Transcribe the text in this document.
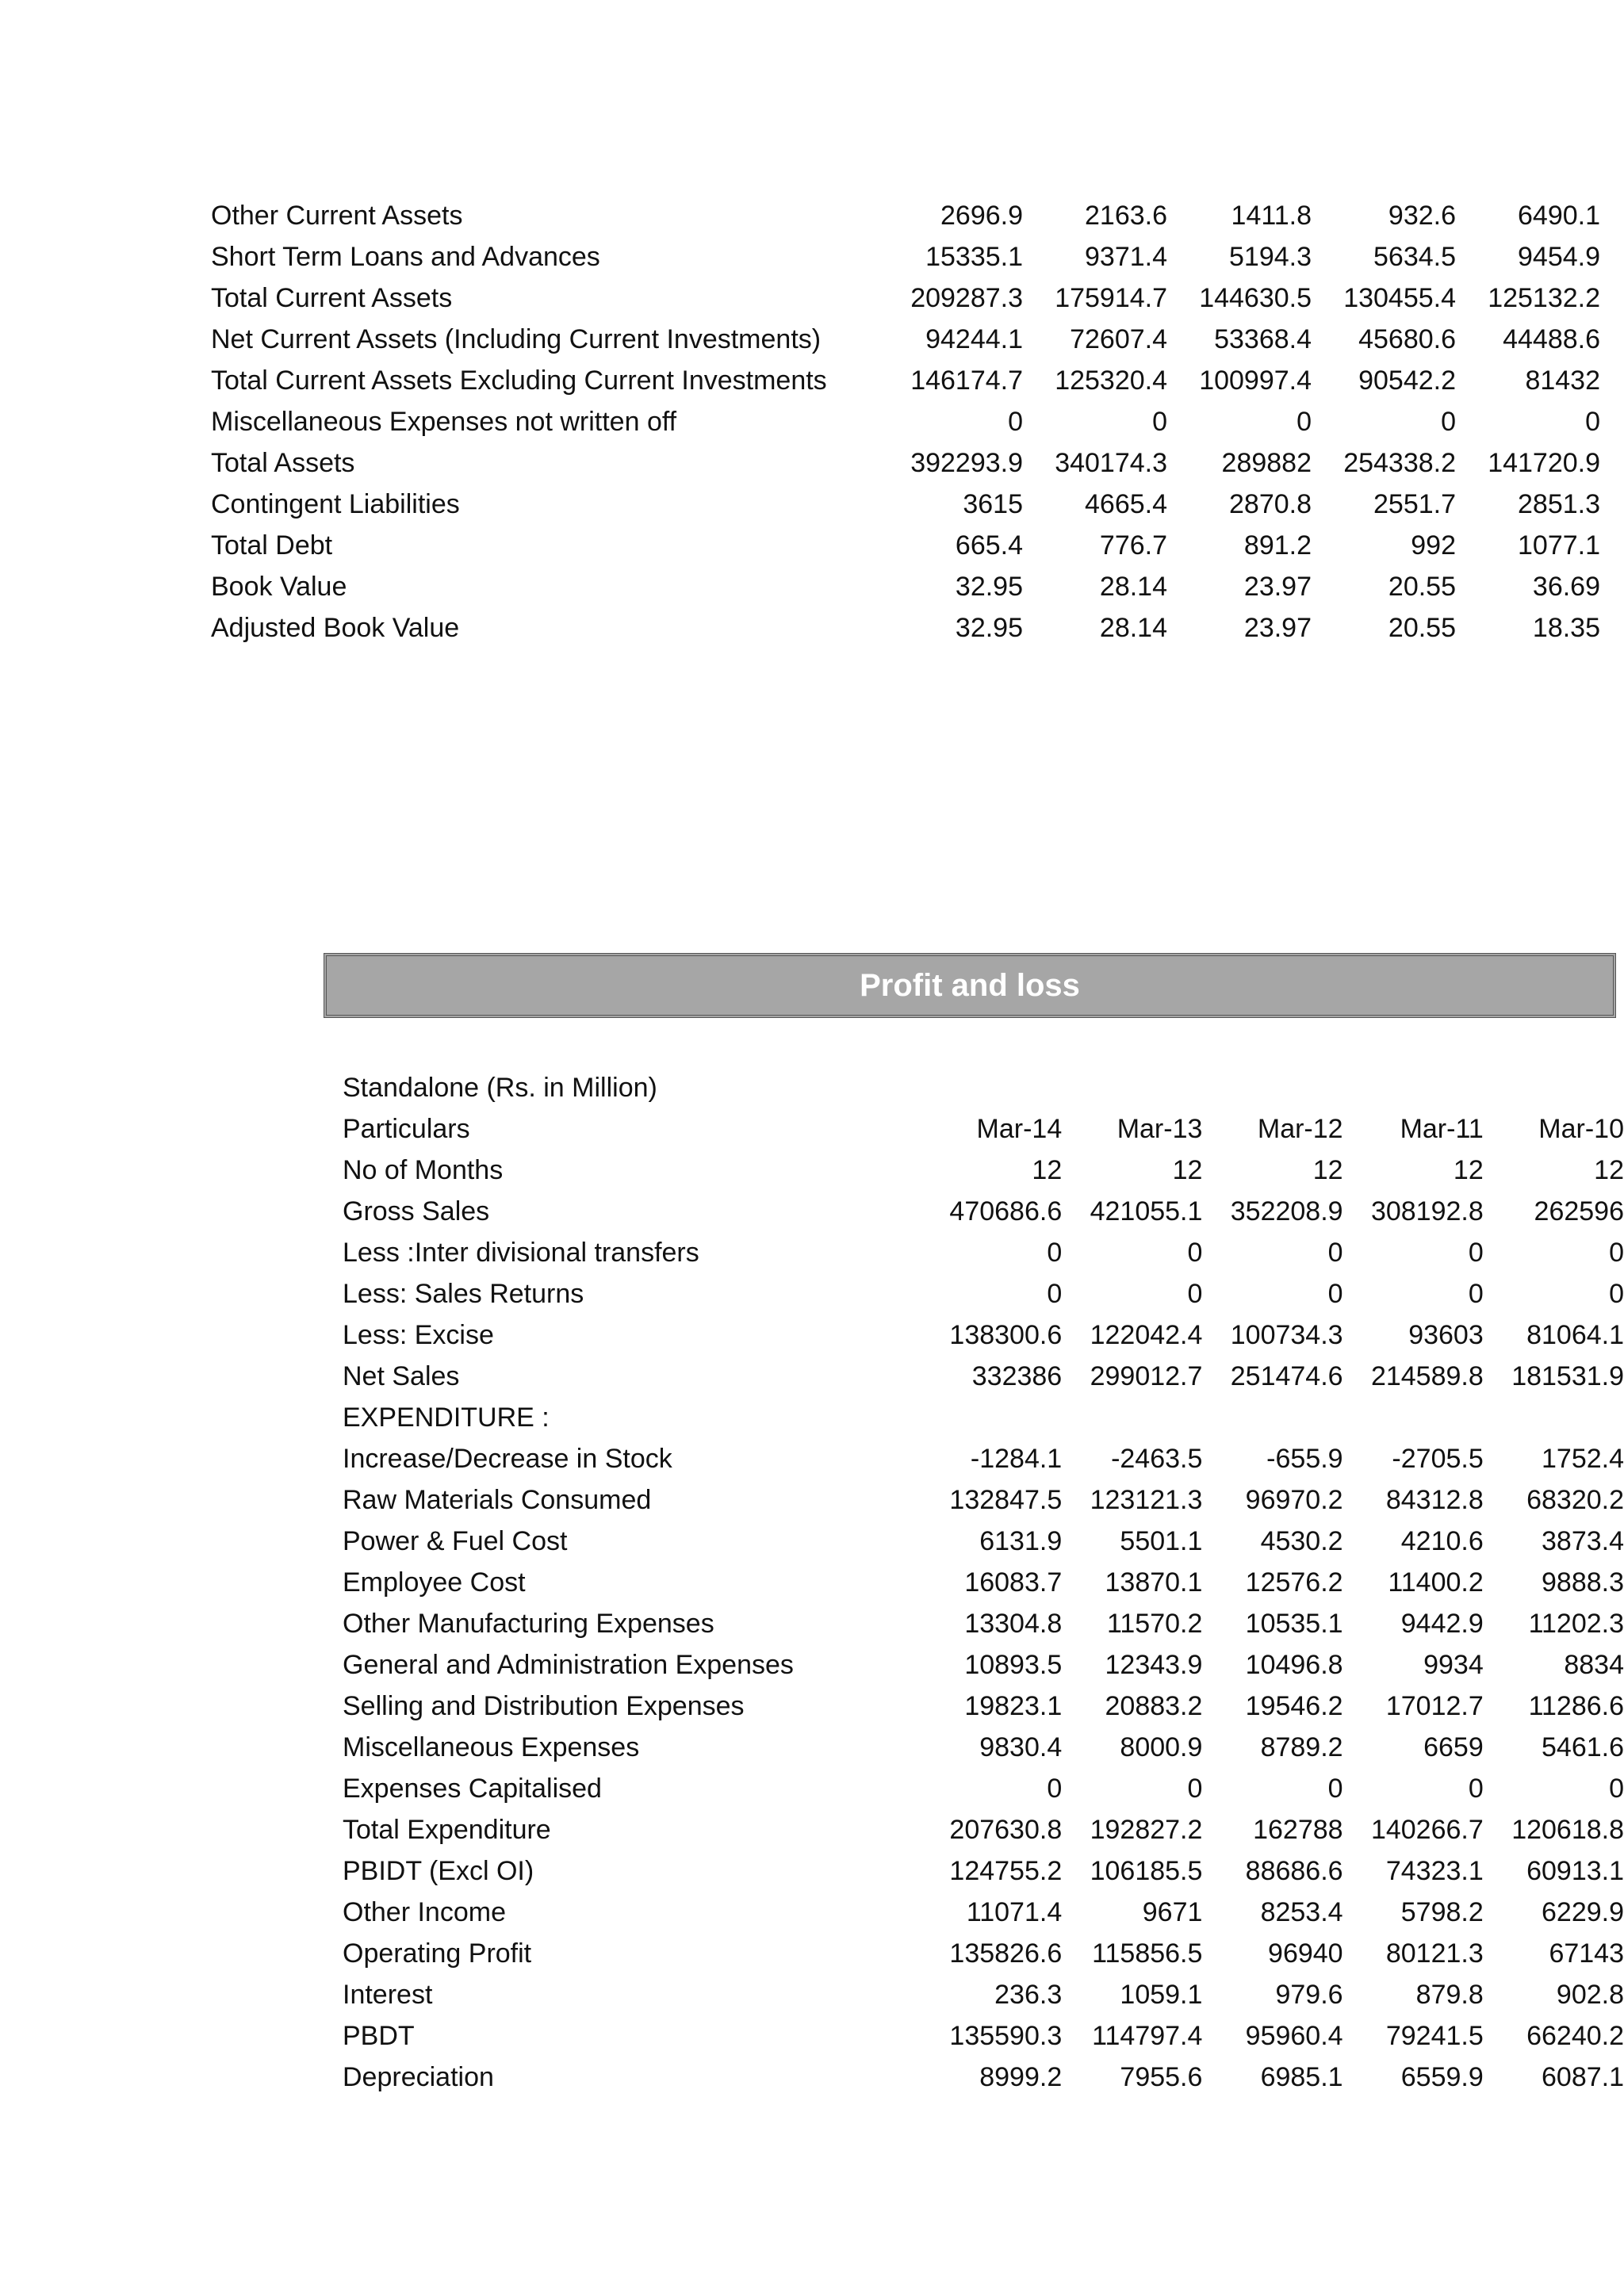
Other Current Assets	2696.9	2163.6	1411.8	932.6	6490.1
Short Term Loans and Advances	15335.1	9371.4	5194.3	5634.5	9454.9
Total Current Assets	209287.3	175914.7	144630.5	130455.4	125132.2
Net Current Assets (Including Current Investments)	94244.1	72607.4	53368.4	45680.6	44488.6
Total Current Assets Excluding Current Investments	146174.7	125320.4	100997.4	90542.2	81432
Miscellaneous Expenses not written off	0	0	0	0	0
Total Assets	392293.9	340174.3	289882	254338.2	141720.9
Contingent Liabilities	3615	4665.4	2870.8	2551.7	2851.3
Total Debt	665.4	776.7	891.2	992	1077.1
Book Value	32.95	28.14	23.97	20.55	36.69
Adjusted Book Value	32.95	28.14	23.97	20.55	18.35
Profit and loss
Standalone (Rs. in Million)
Particulars	Mar-14	Mar-13	Mar-12	Mar-11	Mar-10
No of Months	12	12	12	12	12
Gross Sales	470686.6	421055.1	352208.9	308192.8	262596
Less :Inter divisional transfers	0	0	0	0	0
Less: Sales Returns	0	0	0	0	0
Less: Excise	138300.6	122042.4	100734.3	93603	81064.1
Net Sales	332386	299012.7	251474.6	214589.8	181531.9
EXPENDITURE :					
Increase/Decrease in Stock	-1284.1	-2463.5	-655.9	-2705.5	1752.4
Raw Materials Consumed	132847.5	123121.3	96970.2	84312.8	68320.2
Power & Fuel Cost	6131.9	5501.1	4530.2	4210.6	3873.4
Employee Cost	16083.7	13870.1	12576.2	11400.2	9888.3
Other Manufacturing Expenses	13304.8	11570.2	10535.1	9442.9	11202.3
General and Administration Expenses	10893.5	12343.9	10496.8	9934	8834
Selling and Distribution Expenses	19823.1	20883.2	19546.2	17012.7	11286.6
Miscellaneous Expenses	9830.4	8000.9	8789.2	6659	5461.6
Expenses Capitalised	0	0	0	0	0
Total Expenditure	207630.8	192827.2	162788	140266.7	120618.8
PBIDT (Excl OI)	124755.2	106185.5	88686.6	74323.1	60913.1
Other Income	11071.4	9671	8253.4	5798.2	6229.9
Operating Profit	135826.6	115856.5	96940	80121.3	67143
Interest	236.3	1059.1	979.6	879.8	902.8
PBDT	135590.3	114797.4	95960.4	79241.5	66240.2
Depreciation	8999.2	7955.6	6985.1	6559.9	6087.1
